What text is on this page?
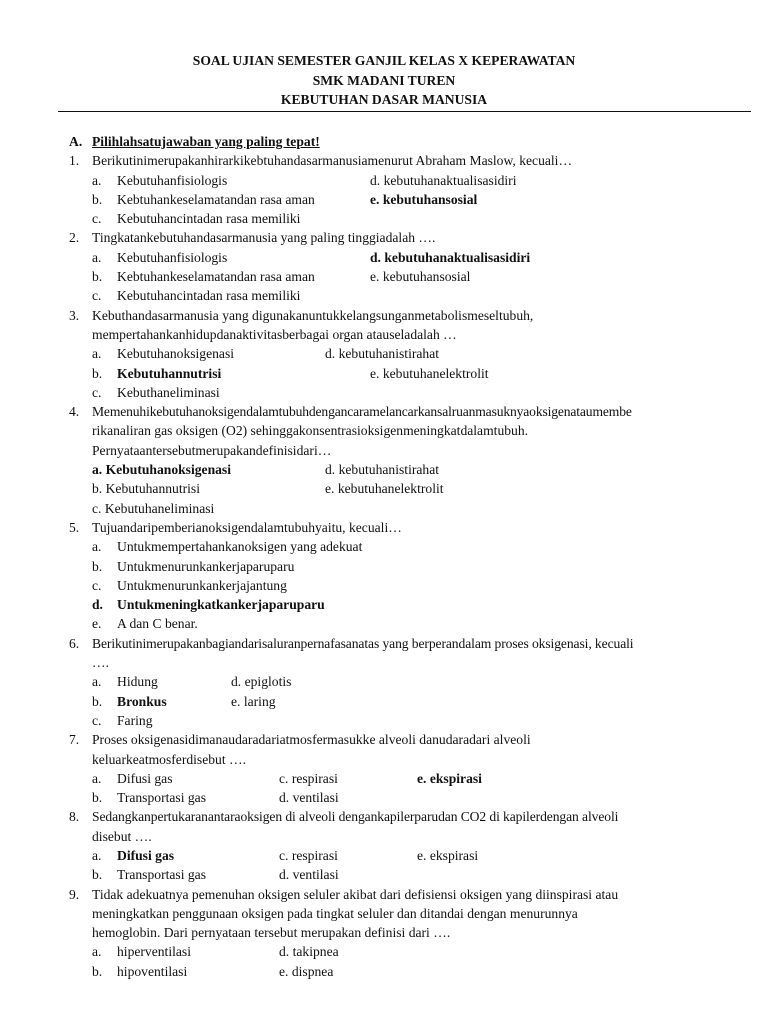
SOAL UJIAN SEMESTER GANJIL KELAS X KEPERAWATAN
SMK MADANI TUREN
KEBUTUHAN DASAR MANUSIA
A. Pilihlahsatujawaban yang paling tepat!
1. Berikutinimerupakanhirarkikebtuhandasarmanusiamenurut Abraham Maslow, kecuali…
a. Kebutuhanfisiologis	d. kebutuhanaktualisasidiri
b. Kebtuhankeselamatandan rasa aman	e. kebutuhansosial
c. Kebutuhancintadan rasa memiliki
2. Tingkatankebutuhandasarmanusia yang paling tinggiadalah ….
a. Kebutuhanfisiologis	d. kebutuhanaktualisasidiri
b. Kebtuhankeselamatandan rasa aman	e. kebutuhansosial
c. Kebutuhancintadan rasa memiliki
3. Kebuthandasarmanusia yang digunakanuntukkelangsunganmetabolismeseltubuh,
mempertahankanhidupdanaktivitasberbagai organ atauseladalah …
a. Kebutuhanoksigenasi	d. kebutuhanistirahat
b. Kebutuhannutrisi	e. kebutuhanelektrolit
c. Kebuthaneliminasi
4. Memenuhikebutuhanoksigendalamtubuhdengancaramelancarkansalruanmasuknyaoksigenataumembe
rikanaliran gas oksigen (O2) sehinggakonsentrasioksigenmeningkatdalamtubuh.
Pernyataantersebutmerupakandefinisidari…
a. Kebutuhanoksigenasi	d. kebutuhanistirahat
b. Kebutuhannutrisi	e. kebutuhanelektrolit
c. Kebutuhaneliminasi
5. Tujuandaripemberianoksigendalamtubuhyaitu, kecuali…
a. Untukmempertahankanoksigen yang adekuat
b. Untukmenurunkankerjaparuparu
c. Untukmenurunkankerjajantung
d. Untukmeningkatkankerjaparuparu
e. A dan C benar.
6. Berikutinimerupakanbagiandarisaluranpernafasanatas yang berperandalam proses oksigenasi, kecuali
….
a. Hidung	d. epiglotis
b. Bronkus	e. laring
c. Faring
7. Proses oksigenasidimanaudaradariatmosfermasukke alveoli danudaradari alveoli
keluarkeatmosferdisebut ….
a. Difusi gas	c. respirasi	e. ekspirasi
b. Transportasi gas	d. ventilasi
8. Sedangkanpertukaranantaraoksigen di alveoli dengankapilerparudan CO2 di kapilerdengan alveoli
disebut ….
a. Difusi gas	c. respirasi	e. ekspirasi
b. Transportasi gas	d. ventilasi
9. Tidak adekuatnya pemenuhan oksigen seluler akibat dari defisiensi oksigen yang diinspirasi atau
meningkatkan penggunaan oksigen pada tingkat seluler dan ditandai dengan menurunnya
hemoglobin. Dari pernyataan tersebut merupakan definisi dari ….
a. hiperventilasi	d. takipnea
b. hipoventilasi	e. dispnea
